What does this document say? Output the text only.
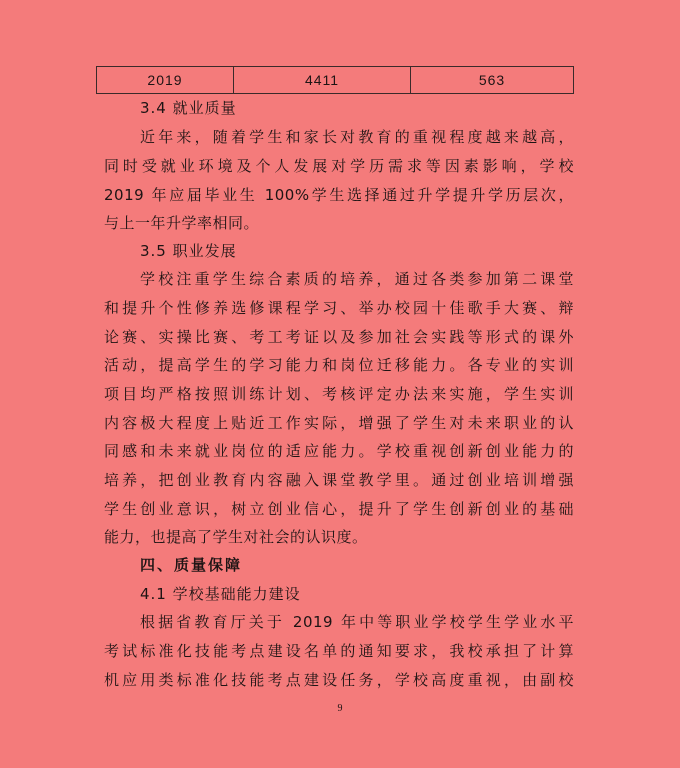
2019	4411	563
3.4 就业质量
近年来，随着学生和家长对教育的重视程度越来越高，
同时受就业环境及个人发展对学历需求等因素影响，学校
2019 年应届毕业生 100%学生选择通过升学提升学历层次，
与上一年升学率相同。
3.5 职业发展
学校注重学生综合素质的培养，通过各类参加第二课堂
和提升个性修养选修课程学习、举办校园十佳歌手大赛、辩
论赛、实操比赛、考工考证以及参加社会实践等形式的课外
活动，提高学生的学习能力和岗位迁移能力。各专业的实训
项目均严格按照训练计划、考核评定办法来实施，学生实训
内容极大程度上贴近工作实际，增强了学生对未来职业的认
同感和未来就业岗位的适应能力。学校重视创新创业能力的
培养，把创业教育内容融入课堂教学里。通过创业培训增强
学生创业意识，树立创业信心，提升了学生创新创业的基础
能力，也提高了学生对社会的认识度。
四、质量保障
4.1 学校基础能力建设
根据省教育厅关于 2019 年中等职业学校学生学业水平
考试标准化技能考点建设名单的通知要求，我校承担了计算
机应用类标准化技能考点建设任务，学校高度重视，由副校
9
